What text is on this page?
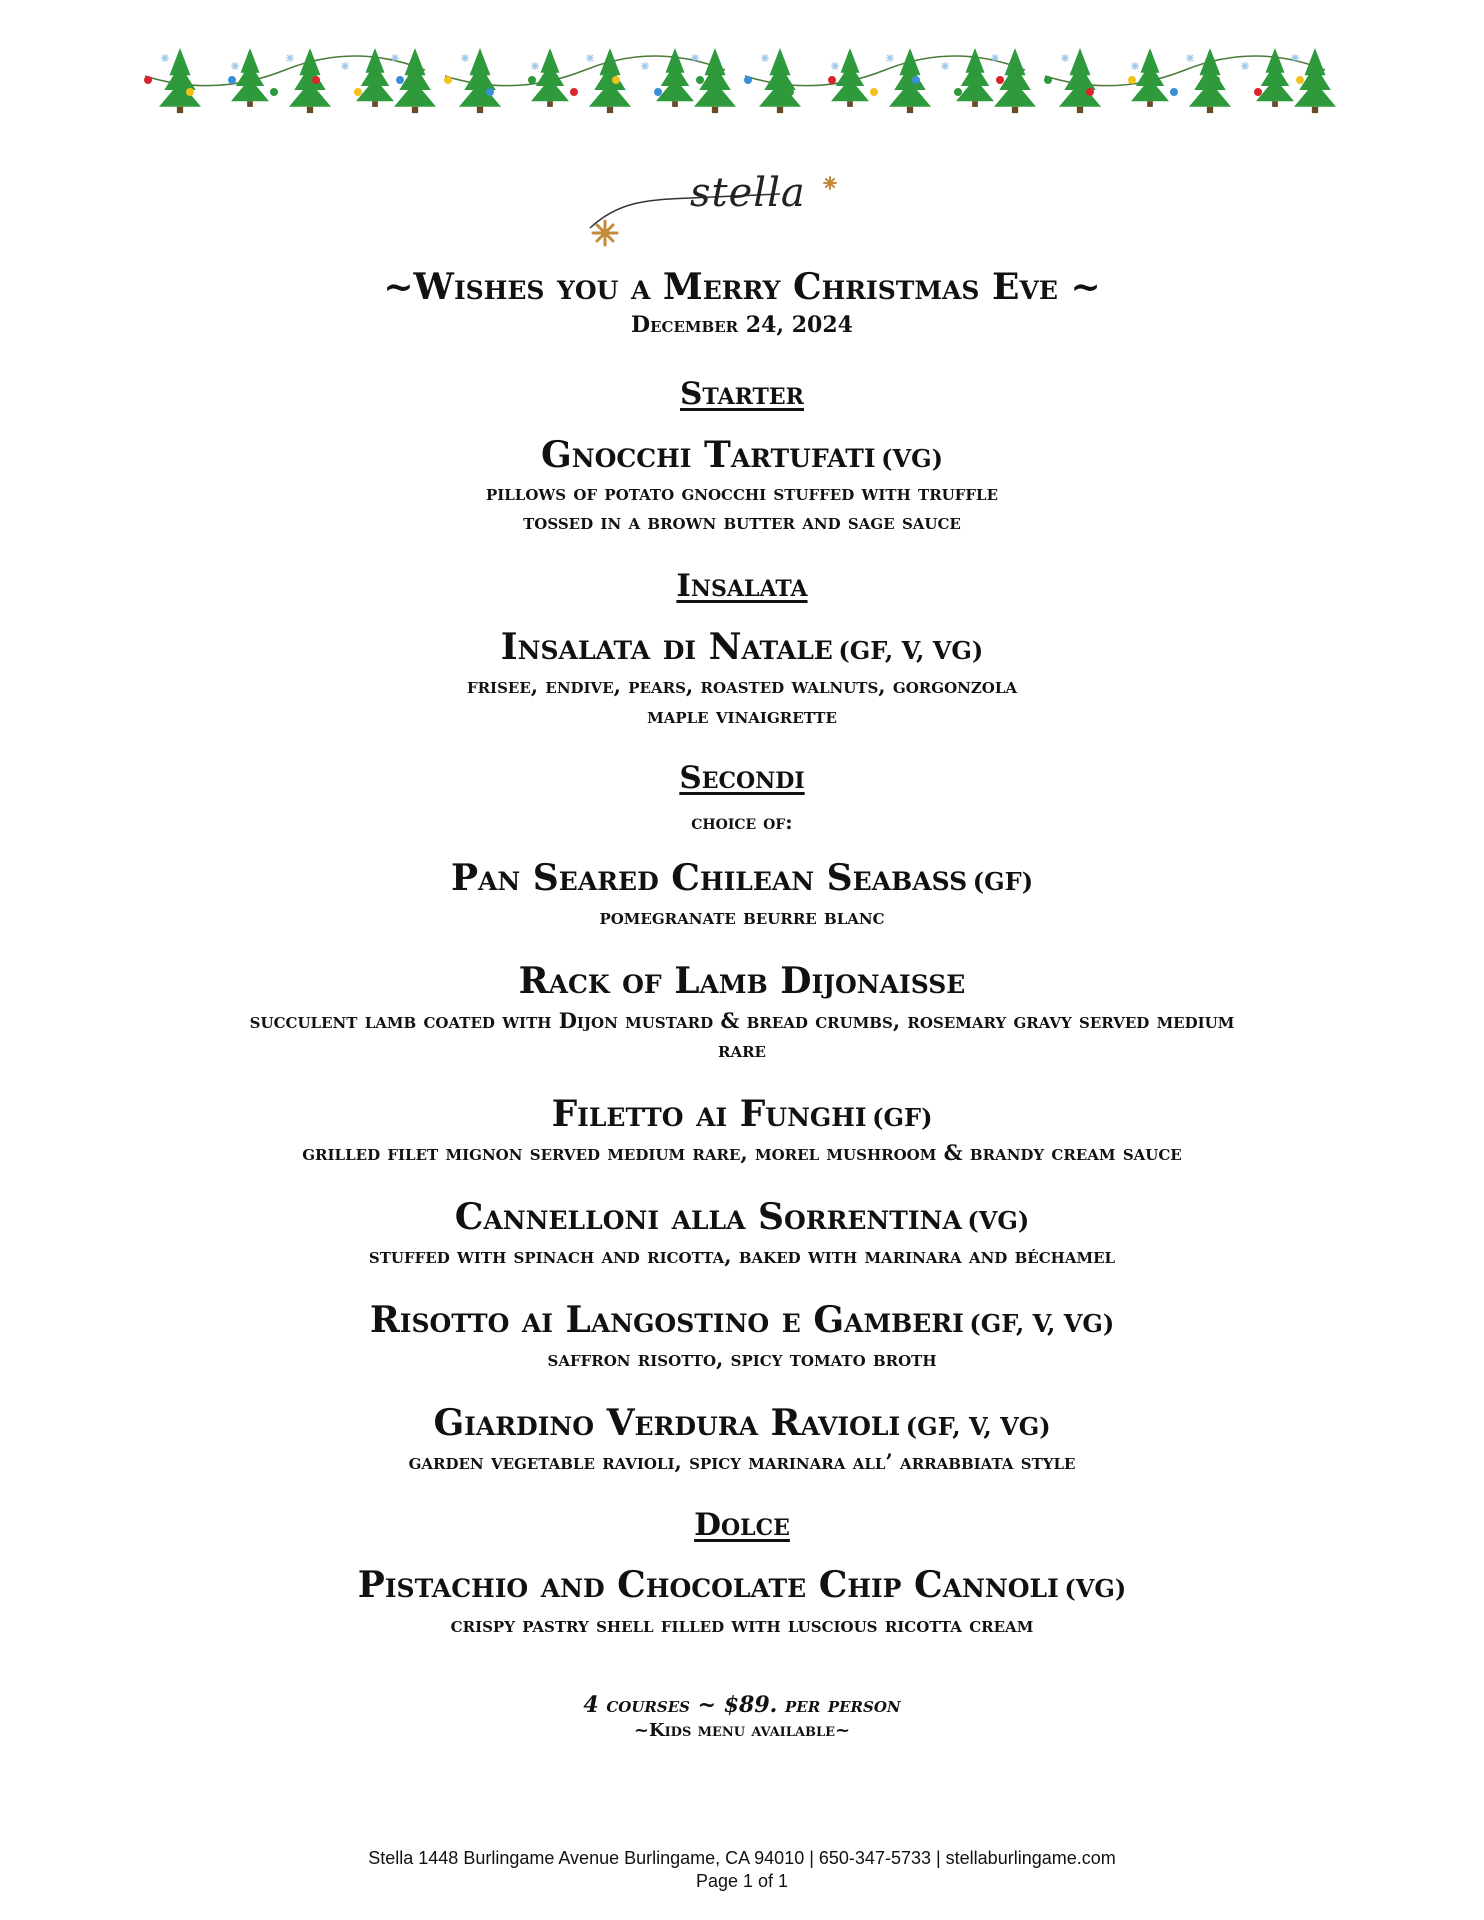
stella
~Wishes you a Merry Christmas Eve ~
December 24, 2024
Starter
Gnocchi Tartufati (VG)
pillows of potato gnocchi stuffed with truffle
tossed in a brown butter and sage sauce
Insalata
Insalata di Natale (GF, V, VG)
frisee, endive, pears, roasted walnuts, gorgonzola
maple vinaigrette
Secondi
choice of:
Pan Seared Chilean Seabass (GF)
pomegranate beurre blanc
Rack of Lamb Dijonaisse
succulent lamb coated with Dijon mustard & bread crumbs, rosemary gravy served medium
rare
Filetto ai Funghi (GF)
grilled filet mignon served medium rare, morel mushroom & brandy cream sauce
Cannelloni alla Sorrentina (VG)
stuffed with spinach and ricotta, baked with marinara and béchamel
Risotto ai Langostino e Gamberi (GF, V, VG)
saffron risotto, spicy tomato broth
Giardino Verdura Ravioli (GF, V, VG)
garden vegetable ravioli, spicy marinara all’ arrabbiata style
Dolce
Pistachio and Chocolate Chip Cannoli (VG)
crispy pastry shell filled with luscious ricotta cream
4 courses ~ $89. per person
~Kids menu available~
Stella 1448 Burlingame Avenue Burlingame, CA 94010 | 650-347-5733 | stellaburlingame.com
Page 1 of 1
